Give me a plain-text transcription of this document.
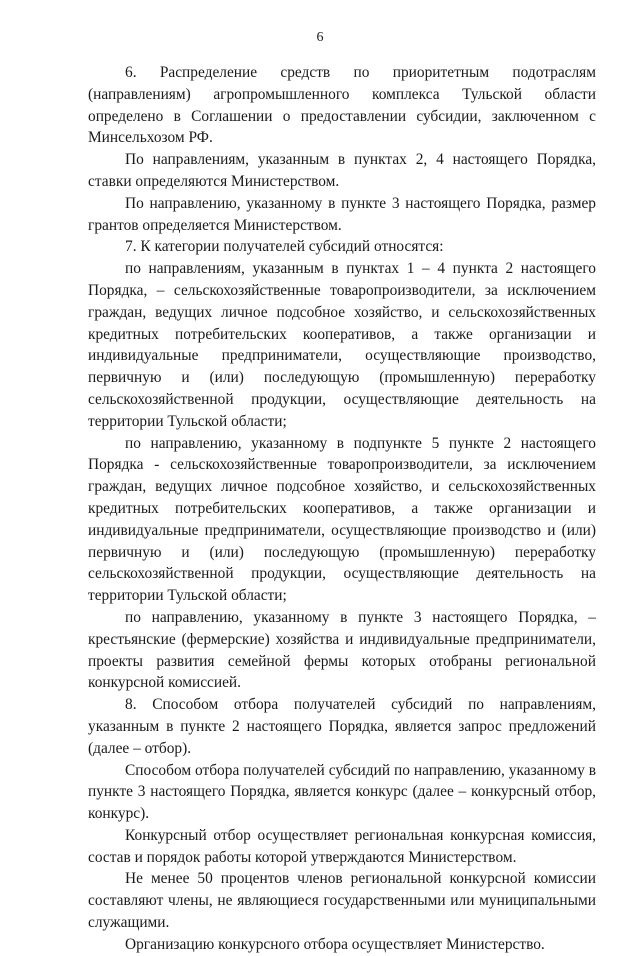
6

6. Распределение средств по приоритетным подотраслям (направлениям) агропромышленного комплекса Тульской области определено в Соглашении о предоставлении субсидии, заключенном с Минсельхозом РФ.

По направлениям, указанным в пунктах 2, 4 настоящего Порядка, ставки определяются Министерством.

По направлению, указанному в пункте 3 настоящего Порядка, размер грантов определяется Министерством.

7. К категории получателей субсидий относятся:

по направлениям, указанным в пунктах 1 – 4 пункта 2 настоящего Порядка, – сельскохозяйственные товаропроизводители, за исключением граждан, ведущих личное подсобное хозяйство, и сельскохозяйственных кредитных потребительских кооперативов, а также организации и индивидуальные предприниматели, осуществляющие производство, первичную и (или) последующую (промышленную) переработку сельскохозяйственной продукции, осуществляющие деятельность на территории Тульской области;

по направлению, указанному в подпункте 5 пункте 2 настоящего Порядка - сельскохозяйственные товаропроизводители, за исключением граждан, ведущих личное подсобное хозяйство, и сельскохозяйственных кредитных потребительских кооперативов, а также организации и индивидуальные предприниматели, осуществляющие производство и (или) первичную и (или) последующую (промышленную) переработку сельскохозяйственной продукции, осуществляющие деятельность на территории Тульской области;

по направлению, указанному в пункте 3 настоящего Порядка, – крестьянские (фермерские) хозяйства и индивидуальные предприниматели, проекты развития семейной фермы которых отобраны региональной конкурсной комиссией.

8. Способом отбора получателей субсидий по направлениям, указанным в пункте 2 настоящего Порядка, является запрос предложений (далее – отбор).

Способом отбора получателей субсидий по направлению, указанному в пункте 3 настоящего Порядка, является конкурс (далее – конкурсный отбор, конкурс).

Конкурсный отбор осуществляет региональная конкурсная комиссия, состав и порядок работы которой утверждаются Министерством.

Не менее 50 процентов членов региональной конкурсной комиссии составляют члены, не являющиеся государственными или муниципальными служащими.

Организацию конкурсного отбора осуществляет Министерство.
